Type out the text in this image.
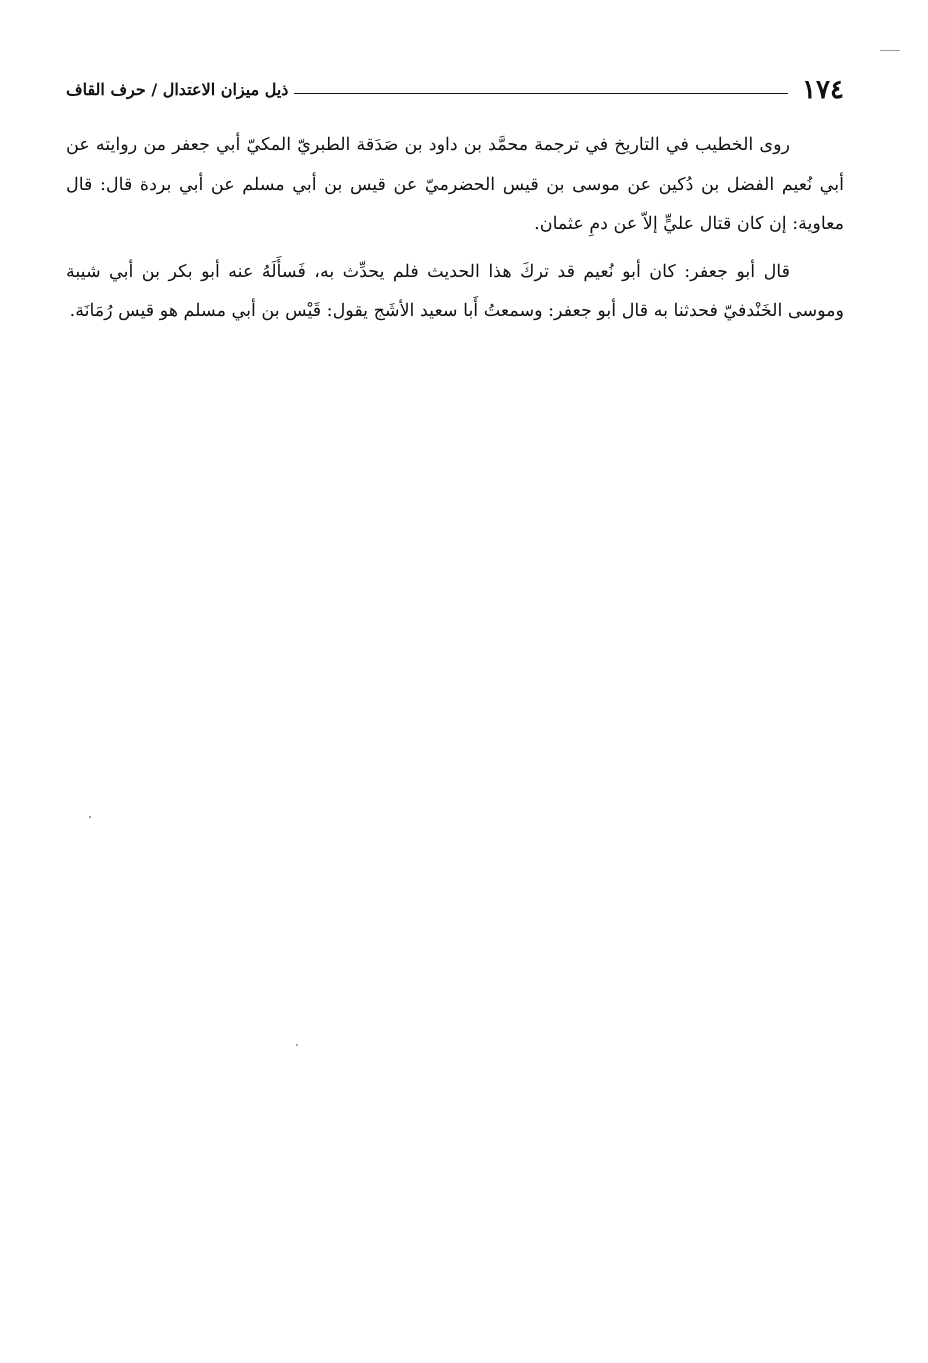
١٧٤
ذيل ميزان الاعتدال / حرف القاف

روى الخطيب في التاريخ في ترجمة محمَّد بن داود بن صَدَقة الطبريّ المكيّ أبي جعفر من روايته عن أبي نُعيم الفضل بن دُكين عن موسى بن قيس الحضرميّ عن قيس بن أبي مسلم عن أبي بردة قال: قال معاوية: إن كان قتال عليٍّ إلاّ عن دمِ عثمان.

قال أبو جعفر: كان أبو نُعيم قد تركَ هذا الحديث فلم يحدِّث به، فَسأَلَهُ عنه أبو بكر بن أبي شيبة وموسى الخَنْدفيّ فحدثنا به قال أبو جعفر: وسمعتُ أَبا سعيد الأشَج يقول: قَيْس بن أبي مسلم هو قيس رُمَانَة.
